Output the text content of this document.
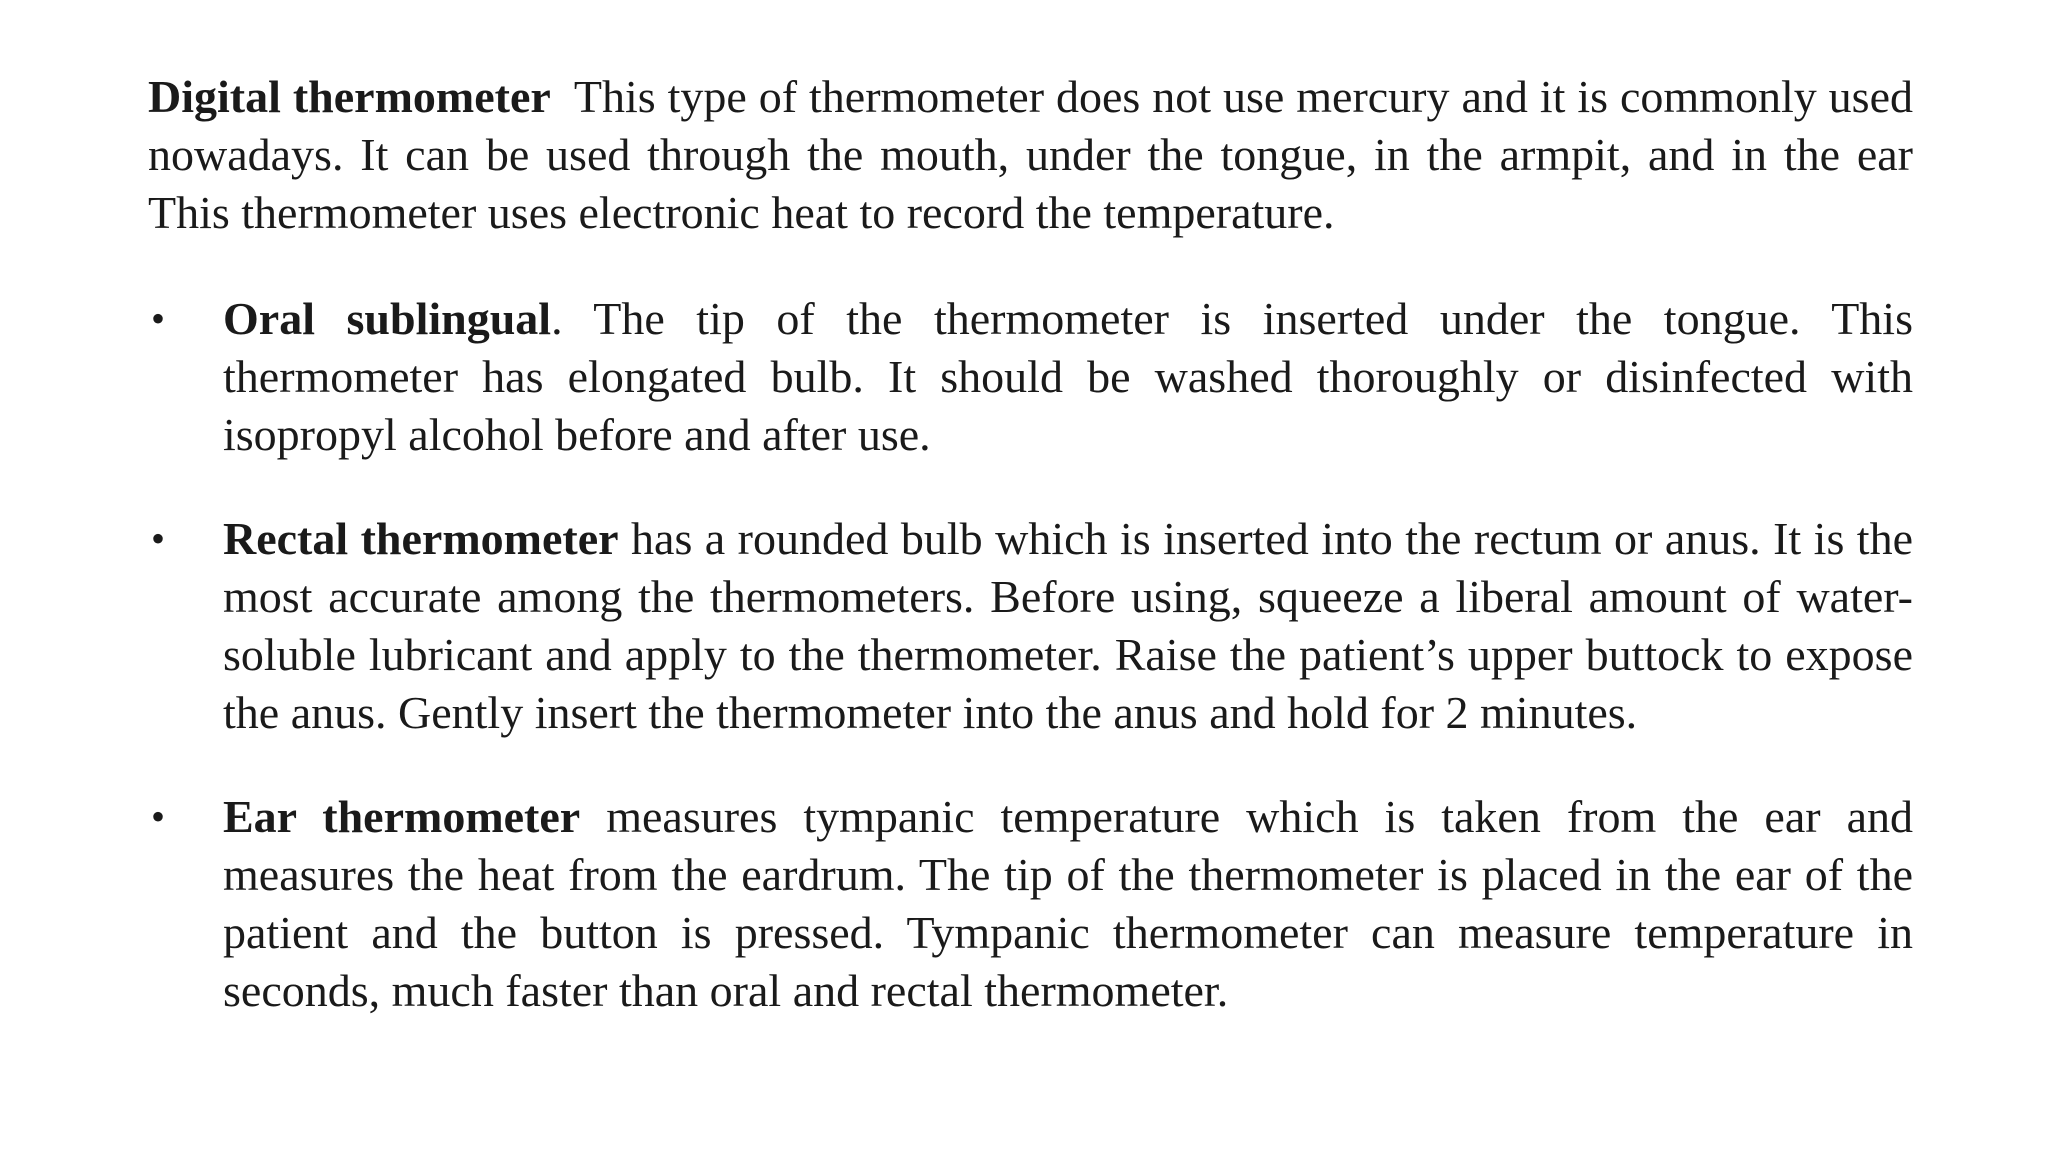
Digital thermometer This type of thermometer does not use mercury and it is commonly used nowadays. It can be used through the mouth, under the tongue, in the armpit, and in the ear This thermometer uses electronic heat to record the temperature.

• Oral sublingual. The tip of the thermometer is inserted under the tongue. This thermometer has elongated bulb. It should be washed thoroughly or disinfected with isopropyl alcohol before and after use.
• Rectal thermometer has a rounded bulb which is inserted into the rectum or anus. It is the most accurate among the thermometers. Before using, squeeze a liberal amount of water-soluble lubricant and apply to the thermometer. Raise the patient’s upper buttock to expose the anus. Gently insert the thermometer into the anus and hold for 2 minutes.
• Ear thermometer measures tympanic temperature which is taken from the ear and measures the heat from the eardrum. The tip of the thermometer is placed in the ear of the patient and the button is pressed. Tympanic thermometer can measure temperature in seconds, much faster than oral and rectal thermometer.
